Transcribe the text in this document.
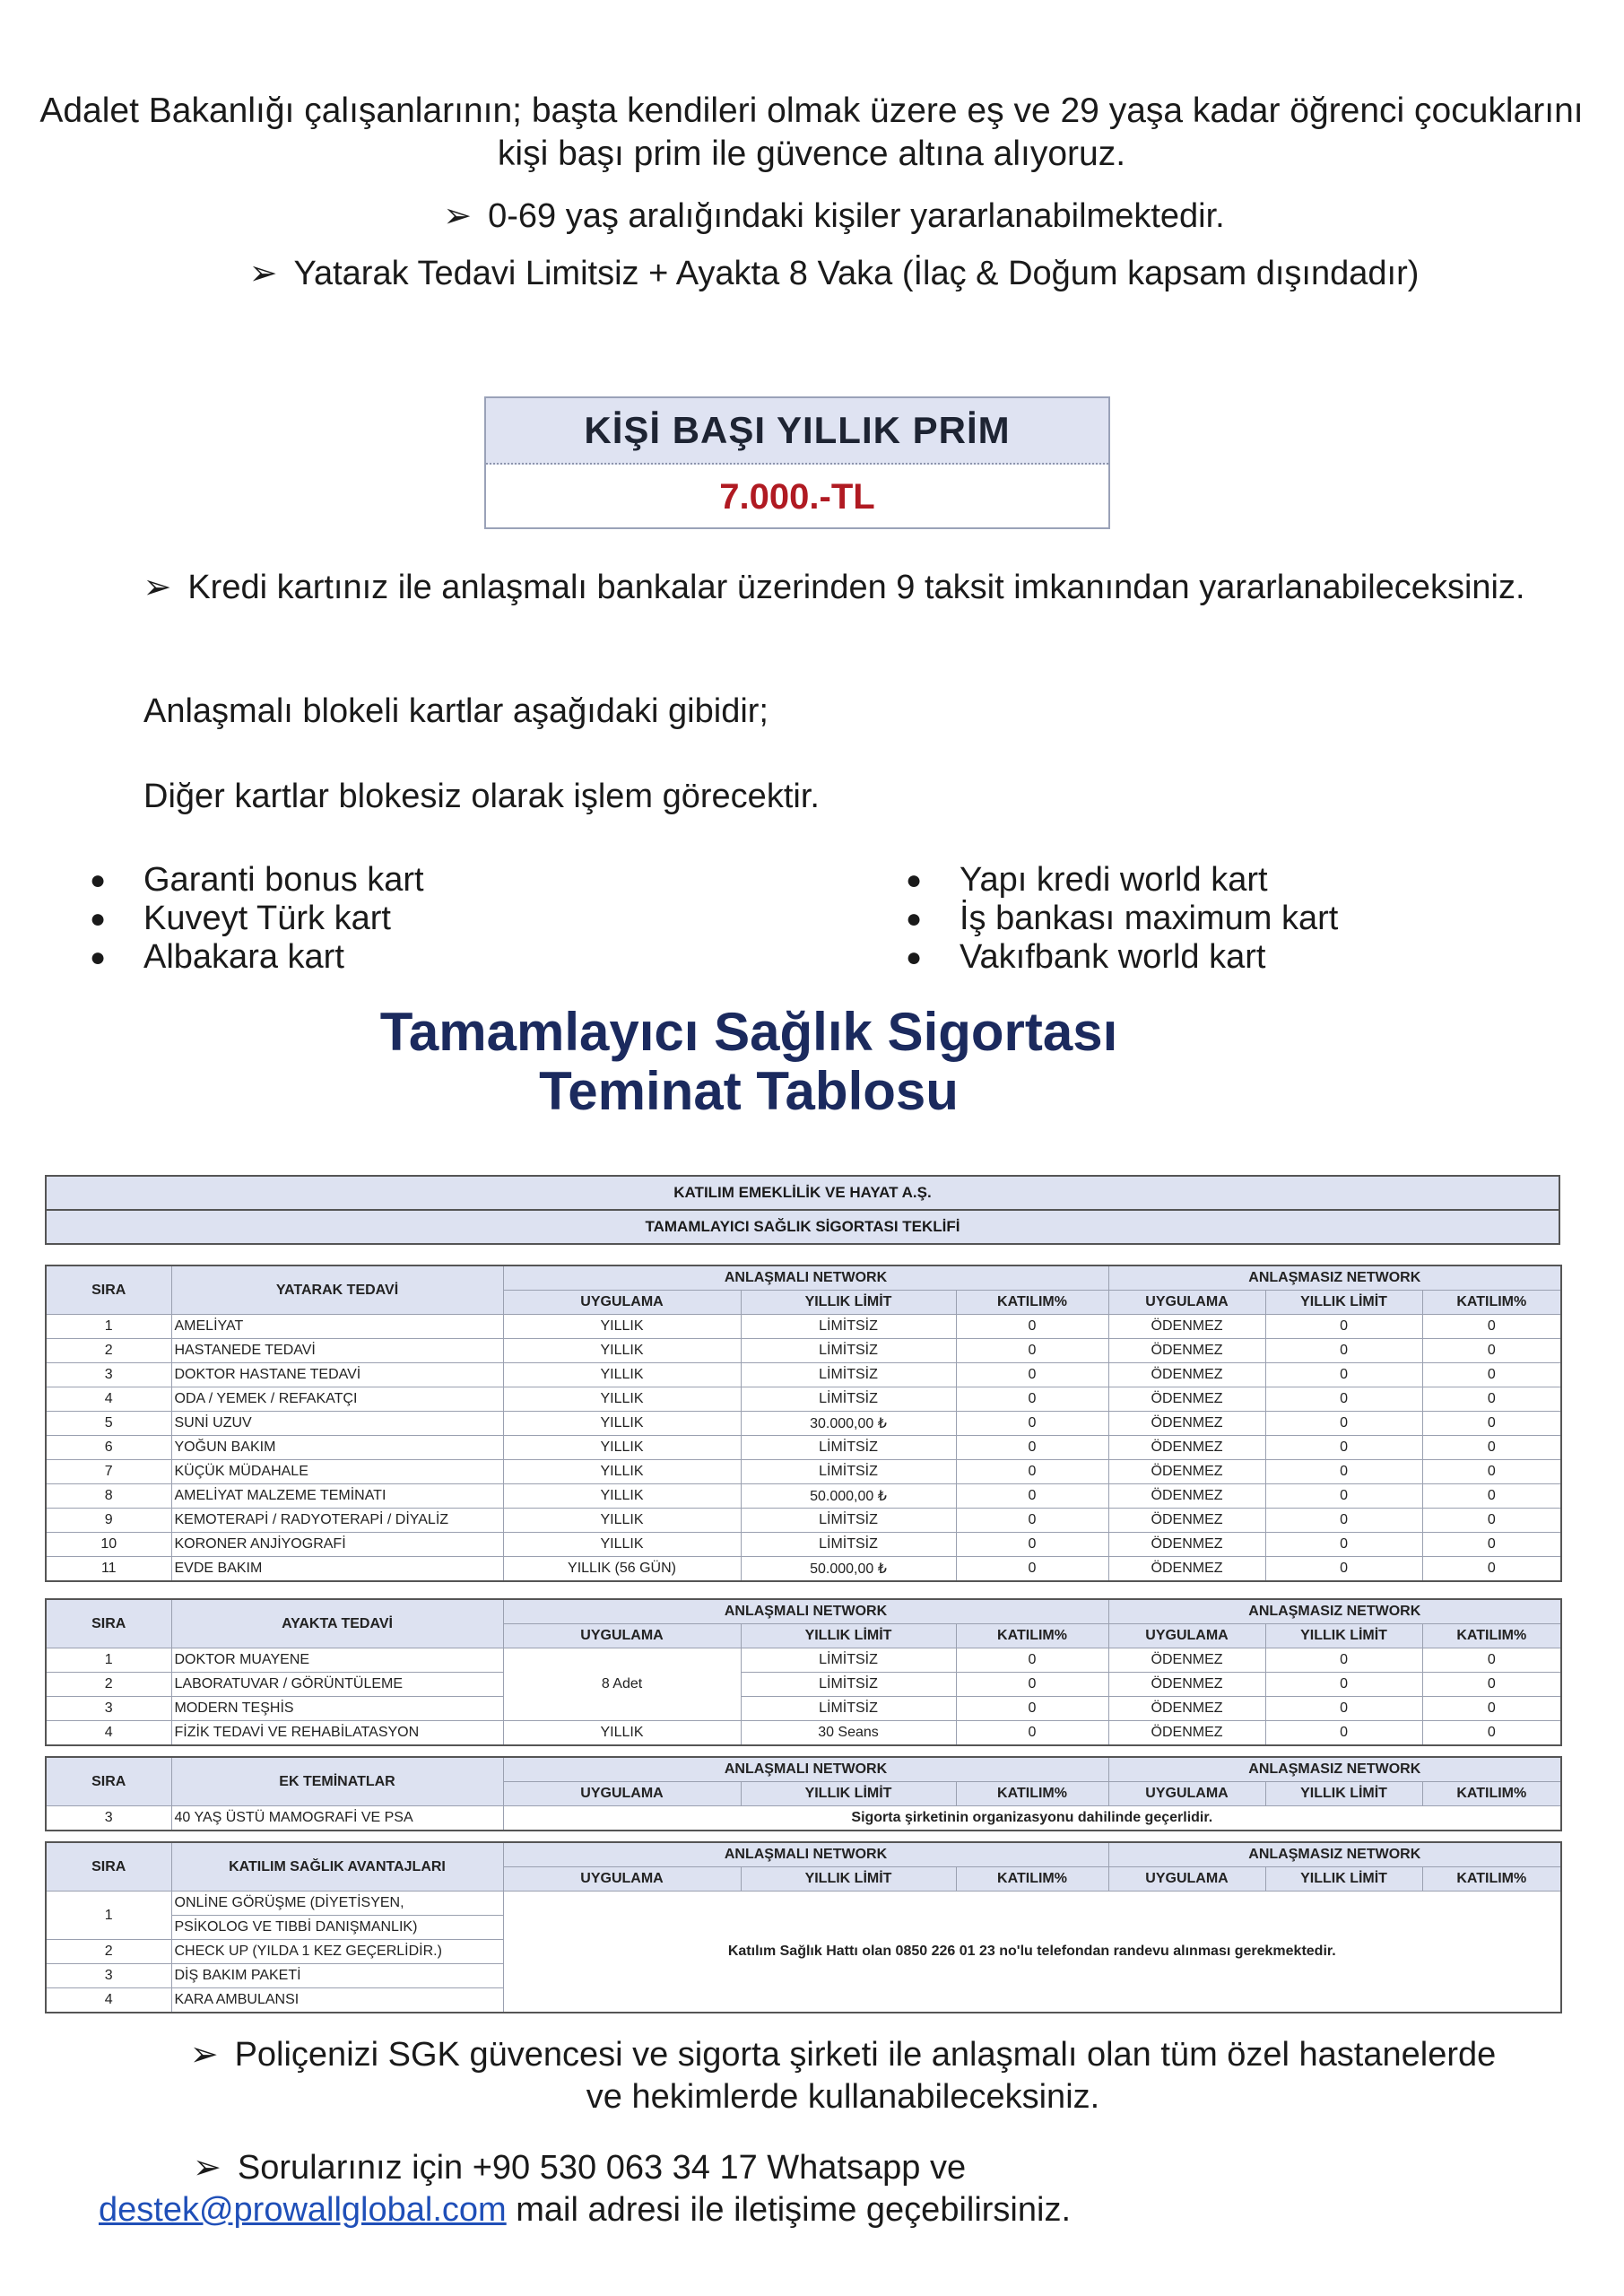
Adalet Bakanlığı çalışanlarının; başta kendileri olmak üzere eş ve 29 yaşa kadar öğrenci çocuklarını kişi başı prim ile güvence altına alıyoruz.
➢ 0-69 yaş aralığındaki kişiler yararlanabilmektedir.
➢ Yatarak Tedavi Limitsiz + Ayakta 8 Vaka (İlaç & Doğum kapsam dışındadır)
KİŞİ BAŞI YILLIK PRİM
7.000.-TL
➢ Kredi kartınız ile anlaşmalı bankalar üzerinden 9 taksit imkanından yararlanabileceksiniz.
Anlaşmalı blokeli kartlar aşağıdaki gibidir;
Diğer kartlar blokesiz olarak işlem görecektir.
●	Garanti bonus kart
●	Kuveyt Türk kart
●	Albakara kart
●	Yapı kredi world kart
●	İş bankası maximum kart
●	Vakıfbank world kart
Tamamlayıcı Sağlık Sigortası
Teminat Tablosu
KATILIM EMEKLİLİK VE HAYAT A.Ş.
TAMAMLAYICI SAĞLIK SİGORTASI TEKLİFİ
SIRA	YATARAK TEDAVİ	ANLAŞMALI NETWORK			ANLAŞMASIZ NETWORK		
		UYGULAMA	YILLIK LİMİT	KATILIM%	UYGULAMA	YILLIK LİMİT	KATILIM%
1	AMELİYAT	YILLIK	LİMİTSİZ	0	ÖDENMEZ	0	0
2	HASTANEDE TEDAVİ	YILLIK	LİMİTSİZ	0	ÖDENMEZ	0	0
3	DOKTOR HASTANE TEDAVİ	YILLIK	LİMİTSİZ	0	ÖDENMEZ	0	0
4	ODA / YEMEK / REFAKATÇI	YILLIK	LİMİTSİZ	0	ÖDENMEZ	0	0
5	SUNİ UZUV	YILLIK	30.000,00 ₺	0	ÖDENMEZ	0	0
6	YOĞUN BAKIM	YILLIK	LİMİTSİZ	0	ÖDENMEZ	0	0
7	KÜÇÜK MÜDAHALE	YILLIK	LİMİTSİZ	0	ÖDENMEZ	0	0
8	AMELİYAT MALZEME TEMİNATI	YILLIK	50.000,00 ₺	0	ÖDENMEZ	0	0
9	KEMOTERAPİ / RADYOTERAPİ / DİYALİZ	YILLIK	LİMİTSİZ	0	ÖDENMEZ	0	0
10	KORONER ANJİYOGRAFİ	YILLIK	LİMİTSİZ	0	ÖDENMEZ	0	0
11	EVDE BAKIM	YILLIK (56 GÜN)	50.000,00 ₺	0	ÖDENMEZ	0	0
SIRA	AYAKTA TEDAVİ	ANLAŞMALI NETWORK			ANLAŞMASIZ NETWORK		
		UYGULAMA	YILLIK LİMİT	KATILIM%	UYGULAMA	YILLIK LİMİT	KATILIM%
1	DOKTOR MUAYENE	8 Adet	LİMİTSİZ	0	ÖDENMEZ	0	0
2	LABORATUVAR / GÖRÜNTÜLEME		LİMİTSİZ	0	ÖDENMEZ	0	0
3	MODERN TEŞHİS		LİMİTSİZ	0	ÖDENMEZ	0	0
4	FİZİK TEDAVİ VE REHABİLATASYON	YILLIK	30 Seans	0	ÖDENMEZ	0	0
SIRA	EK TEMİNATLAR	ANLAŞMALI NETWORK			ANLAŞMASIZ NETWORK		
		UYGULAMA	YILLIK LİMİT	KATILIM%	UYGULAMA	YILLIK LİMİT	KATILIM%
3	40 YAŞ ÜSTÜ MAMOGRAFİ VE PSA	Sigorta şirketinin organizasyonu dahilinde geçerlidir.					
SIRA	KATILIM SAĞLIK AVANTAJLARI	ANLAŞMALI NETWORK			ANLAŞMASIZ NETWORK		
		UYGULAMA	YILLIK LİMİT	KATILIM%	UYGULAMA	YILLIK LİMİT	KATILIM%
1	ONLİNE GÖRÜŞME (DİYETİSYEN,	Katılım Sağlık Hattı olan 0850 226 01 23 no'lu telefondan randevu alınması gerekmektedir.					
	PSİKOLOG VE TIBBİ DANIŞMANLIK)						
2	CHECK UP (YILDA 1 KEZ GEÇERLİDİR.)						
3	DİŞ BAKIM PAKETİ						
4	KARA AMBULANSI						
➢ Poliçenizi SGK güvencesi ve sigorta şirketi ile anlaşmalı olan tüm özel hastanelerde ve hekimlerde kullanabileceksiniz.
➢ Sorularınız için +90 530 063 34 17 Whatsapp ve
destek@prowallglobal.com mail adresi ile iletişime geçebilirsiniz.
